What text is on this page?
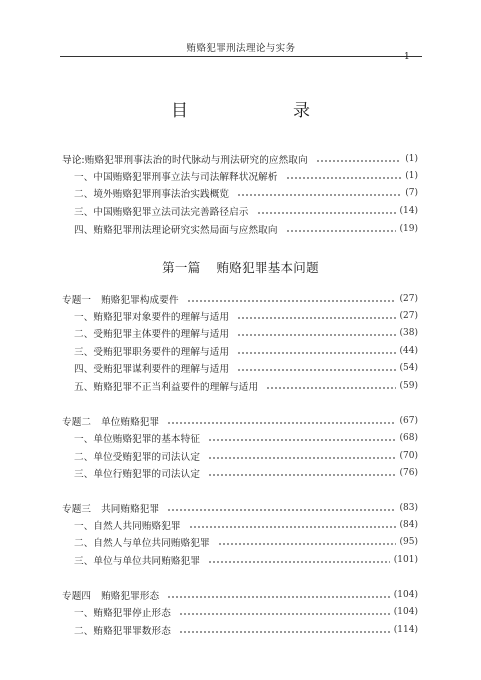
贿赂犯罪刑法理论与实务
1
目　录
导论:贿赂犯罪刑事法治的时代脉动与刑法研究的应然取向	(1)
一、中国贿赂犯罪刑事立法与司法解释状况解析	(1)
二、境外贿赂犯罪刑事法治实践概览	(7)
三、中国贿赂犯罪立法司法完善路径启示	(14)
四、贿赂犯罪刑法理论研究实然局面与应然取向	(19)
第一篇 贿赂犯罪基本问题
专题一 贿赂犯罪构成要件	(27)
一、贿赂犯罪对象要件的理解与适用	(27)
二、受贿犯罪主体要件的理解与适用	(38)
三、受贿犯罪职务要件的理解与适用	(44)
四、受贿犯罪谋利要件的理解与适用	(54)
五、贿赂犯罪不正当利益要件的理解与适用	(59)
专题二 单位贿赂犯罪	(67)
一、单位贿赂犯罪的基本特征	(68)
二、单位受贿犯罪的司法认定	(70)
三、单位行贿犯罪的司法认定	(76)
专题三 共同贿赂犯罪	(83)
一、自然人共同贿赂犯罪	(84)
二、自然人与单位共同贿赂犯罪	(95)
三、单位与单位共同贿赂犯罪	(101)
专题四 贿赂犯罪形态	(104)
一、贿赂犯罪停止形态	(104)
二、贿赂犯罪罪数形态	(114)
